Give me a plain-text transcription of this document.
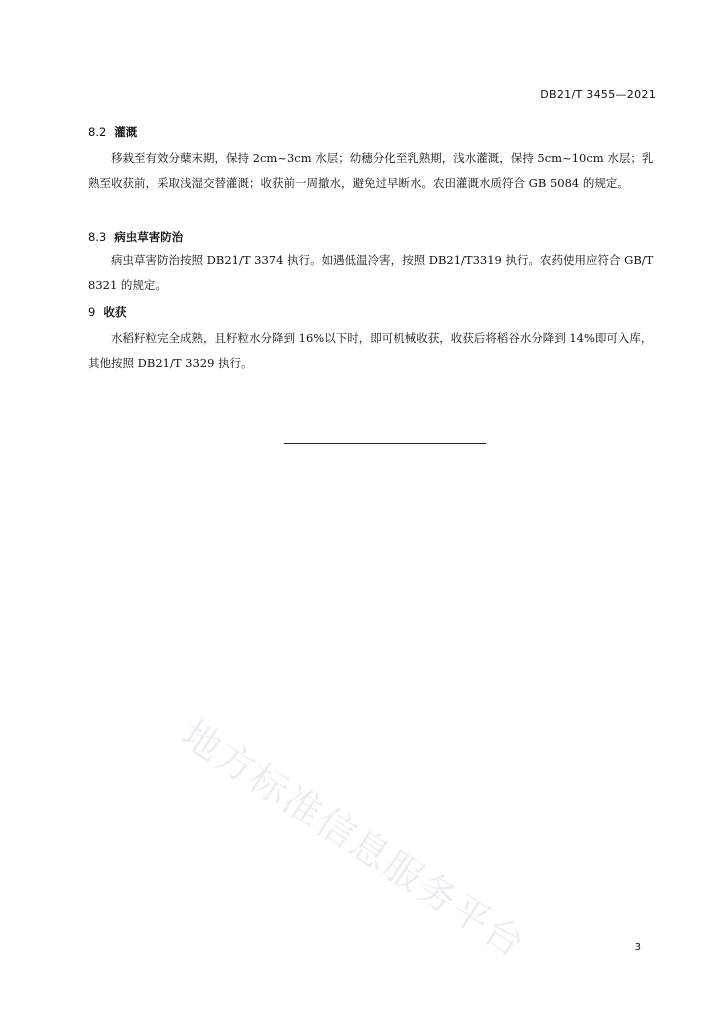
DB21/T 3455—2021
8.2 灌溉

移栽至有效分蘖末期，保持 2cm~3cm 水层；幼穗分化至乳熟期，浅水灌溉，保持 5cm~10cm 水层；乳熟至收获前，采取浅湿交替灌溉；收获前一周撤水，避免过早断水。农田灌溉水质符合 GB 5084 的规定。

8.3 病虫草害防治

病虫草害防治按照 DB21/T 3374 执行。如遇低温冷害，按照 DB21/T3319 执行。农药使用应符合 GB/T 8321 的规定。

9 收获

水稻籽粒完全成熟，且籽粒水分降到 16%以下时，即可机械收获，收获后将稻谷水分降到 14%即可入库，其他按照 DB21/T 3329 执行。

地方标准信息服务平台	3
